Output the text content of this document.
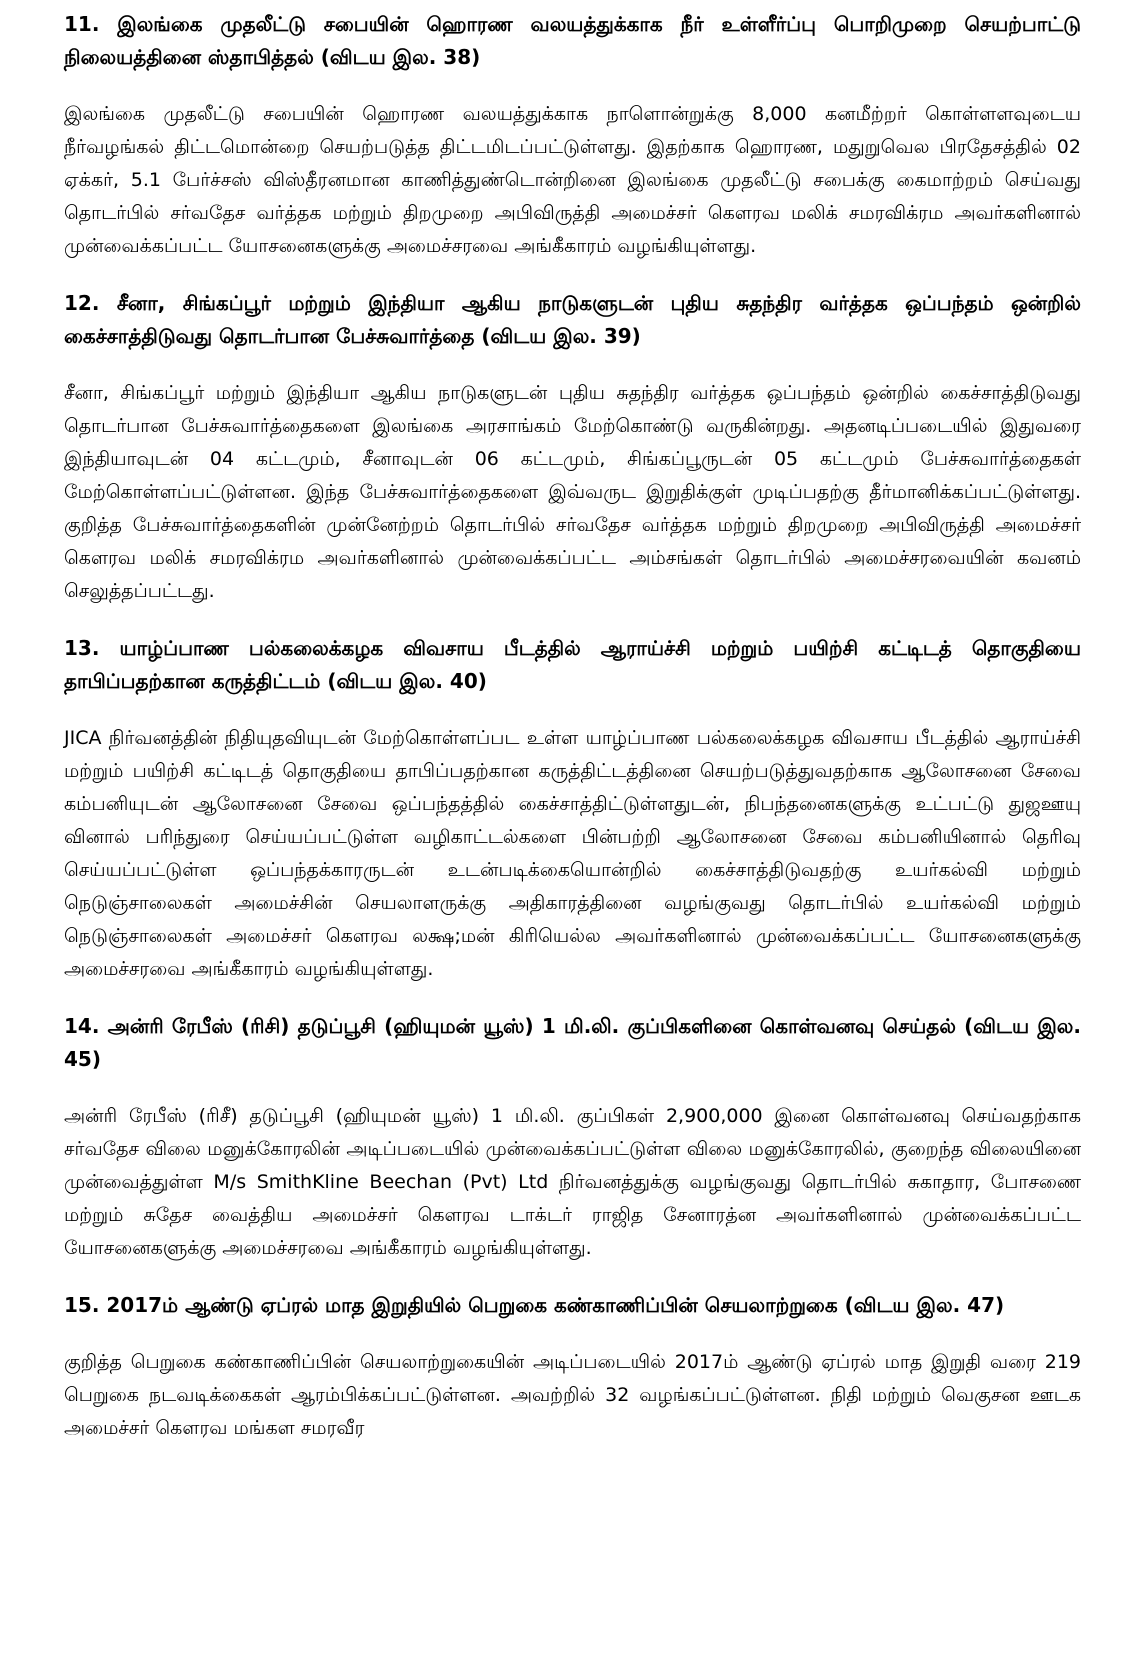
11. இலங்கை முதலீட்டு சபையின் ஹொரண வலயத்துக்காக நீர் உள்ளீர்ப்பு பொறிமுறை செயற்பாட்டு நிலையத்தினை ஸ்தாபித்தல் (விடய இல. 38)

இலங்கை முதலீட்டு சபையின் ஹொரண வலயத்துக்காக நாளொன்றுக்கு 8,000 கனமீற்றர் கொள்ளளவுடைய நீர்வழங்கல் திட்டமொன்றை செயற்படுத்த திட்டமிடப்பட்டுள்ளது. இதற்காக ஹொரண, மதுறுவெல பிரதேசத்தில் 02 ஏக்கர், 5.1 பேர்ச்சஸ் விஸ்தீரனமான காணித்துண்டொன்றினை இலங்கை முதலீட்டு சபைக்கு கைமாற்றம் செய்வது தொடர்பில் சர்வதேச வர்த்தக மற்றும் திறமுறை அபிவிருத்தி அமைச்சர் கௌரவ மலிக் சமரவிக்ரம அவர்களினால் முன்வைக்கப்பட்ட யோசனைகளுக்கு அமைச்சரவை அங்கீகாரம் வழங்கியுள்ளது.

12. சீனா, சிங்கப்பூர் மற்றும் இந்தியா ஆகிய நாடுகளுடன் புதிய சுதந்திர வர்த்தக ஒப்பந்தம் ஒன்றில் கைச்சாத்திடுவது தொடர்பான பேச்சுவார்த்தை (விடய இல. 39)

சீனா, சிங்கப்பூர் மற்றும் இந்தியா ஆகிய நாடுகளுடன் புதிய சுதந்திர வர்த்தக ஒப்பந்தம் ஒன்றில் கைச்சாத்திடுவது தொடர்பான பேச்சுவார்த்தைகளை இலங்கை அரசாங்கம் மேற்கொண்டு வருகின்றது. அதனடிப்படையில் இதுவரை இந்தியாவுடன் 04 கட்டமும், சீனாவுடன் 06 கட்டமும், சிங்கப்பூருடன் 05 கட்டமும் பேச்சுவார்த்தைகள் மேற்கொள்ளப்பட்டுள்ளன. இந்த பேச்சுவார்த்தைகளை இவ்வருட இறுதிக்குள் முடிப்பதற்கு தீர்மானிக்கப்பட்டுள்ளது. குறித்த பேச்சுவார்த்தைகளின் முன்னேற்றம் தொடர்பில் சர்வதேச வர்த்தக மற்றும் திறமுறை அபிவிருத்தி அமைச்சர் கௌரவ மலிக் சமரவிக்ரம அவர்களினால் முன்வைக்கப்பட்ட அம்சங்கள் தொடர்பில் அமைச்சரவையின் கவனம் செலுத்தப்பட்டது.

13. யாழ்ப்பாண பல்கலைக்கழக விவசாய பீடத்தில் ஆராய்ச்சி மற்றும் பயிற்சி கட்டிடத் தொகுதியை தாபிப்பதற்கான கருத்திட்டம் (விடய இல. 40)

JICA நிர்வனத்தின் நிதியுதவியுடன் மேற்கொள்ளப்பட உள்ள யாழ்ப்பாண பல்கலைக்கழக விவசாய பீடத்தில் ஆராய்ச்சி மற்றும் பயிற்சி கட்டிடத் தொகுதியை தாபிப்பதற்கான கருத்திட்டத்தினை செயற்படுத்துவதற்காக ஆலோசனை சேவை கம்பனியுடன் ஆலோசனை சேவை ஒப்பந்தத்தில் கைச்சாத்திட்டுள்ளதுடன், நிபந்தனைகளுக்கு உட்பட்டு துஜஊயு வினால் பரிந்துரை செய்யப்பட்டுள்ள வழிகாட்டல்களை பின்பற்றி ஆலோசனை சேவை கம்பனியினால் தெரிவு செய்யப்பட்டுள்ள ஒப்பந்தக்காரருடன் உடன்படிக்கையொன்றில் கைச்சாத்திடுவதற்கு உயர்கல்வி மற்றும் நெடுஞ்சாலைகள் அமைச்சின் செயலாளருக்கு அதிகாரத்தினை வழங்குவது தொடர்பில் உயர்கல்வி மற்றும் நெடுஞ்சாலைகள் அமைச்சர் கௌரவ லக்ஷ;மன் கிரியெல்ல அவர்களினால் முன்வைக்கப்பட்ட யோசனைகளுக்கு அமைச்சரவை அங்கீகாரம் வழங்கியுள்ளது.

14. அன்ரி ரேபீஸ் (ரிசி) தடுப்பூசி (ஹியுமன் யூஸ்) 1 மி.லி. குப்பிகளினை கொள்வனவு செய்தல் (விடய இல. 45)

அன்ரி ரேபீஸ் (ரிசீ) தடுப்பூசி (ஹியுமன் யூஸ்) 1 மி.லி. குப்பிகள் 2,900,000 இனை கொள்வனவு செய்வதற்காக சர்வதேச விலை மனுக்கோரலின் அடிப்படையில் முன்வைக்கப்பட்டுள்ள விலை மனுக்கோரலில், குறைந்த விலையினை முன்வைத்துள்ள M/s SmithKline Beechan (Pvt) Ltd நிர்வனத்துக்கு வழங்குவது தொடர்பில் சுகாதார, போசணை மற்றும் சுதேச வைத்திய அமைச்சர் கௌரவ டாக்டர் ராஜித சேனாரத்ன அவர்களினால் முன்வைக்கப்பட்ட யோசனைகளுக்கு அமைச்சரவை அங்கீகாரம் வழங்கியுள்ளது.

15. 2017ம் ஆண்டு ஏப்ரல் மாத இறுதியில் பெறுகை கண்காணிப்பின் செயலாற்றுகை (விடய இல. 47)

குறித்த பெறுகை கண்காணிப்பின் செயலாற்றுகையின் அடிப்படையில் 2017ம் ஆண்டு ஏப்ரல் மாத இறுதி வரை 219 பெறுகை நடவடிக்கைகள் ஆரம்பிக்கப்பட்டுள்ளன. அவற்றில் 32 வழங்கப்பட்டுள்ளன. நிதி மற்றும் வெகுசன ஊடக அமைச்சர் கௌரவ மங்கள சமரவீர
